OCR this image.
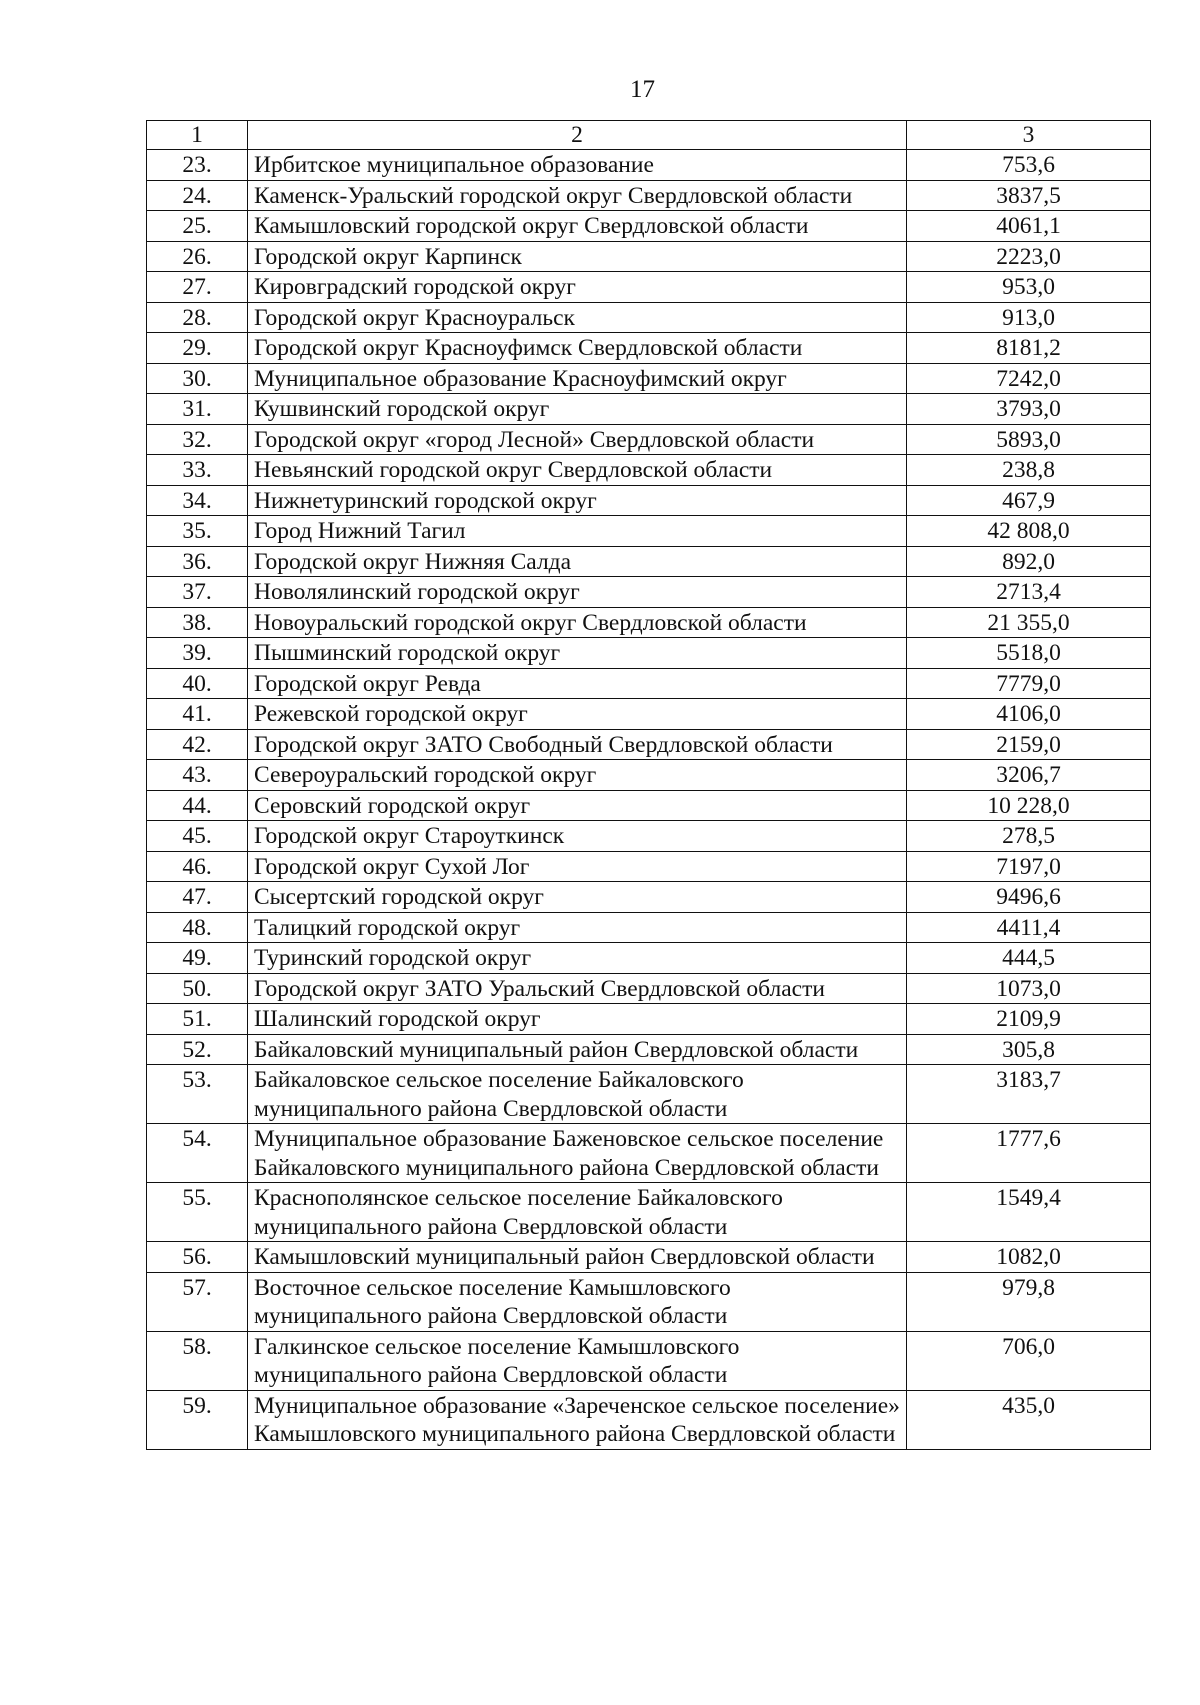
17
1	2	3
23.	Ирбитское муниципальное образование	753,6
24.	Каменск-Уральский городской округ Свердловской области	3837,5
25.	Камышловский городской округ Свердловской области	4061,1
26.	Городской округ Карпинск	2223,0
27.	Кировградский городской округ	953,0
28.	Городской округ Красноуральск	913,0
29.	Городской округ Красноуфимск Свердловской области	8181,2
30.	Муниципальное образование Красноуфимский округ	7242,0
31.	Кушвинский городской округ	3793,0
32.	Городской округ «город Лесной» Свердловской области	5893,0
33.	Невьянский городской округ Свердловской области	238,8
34.	Нижнетуринский городской округ	467,9
35.	Город Нижний Тагил	42 808,0
36.	Городской округ Нижняя Салда	892,0
37.	Новолялинский городской округ	2713,4
38.	Новоуральский городской округ Свердловской области	21 355,0
39.	Пышминский городской округ	5518,0
40.	Городской округ Ревда	7779,0
41.	Режевской городской округ	4106,0
42.	Городской округ ЗАТО Свободный Свердловской области	2159,0
43.	Североуральский городской округ	3206,7
44.	Серовский городской округ	10 228,0
45.	Городской округ Староуткинск	278,5
46.	Городской округ Сухой Лог	7197,0
47.	Сысертский городской округ	9496,6
48.	Талицкий городской округ	4411,4
49.	Туринский городской округ	444,5
50.	Городской округ ЗАТО Уральский Свердловской области	1073,0
51.	Шалинский городской округ	2109,9
52.	Байкаловский муниципальный район Свердловской области	305,8
53.	Байкаловское сельское поселение Байкаловского муниципального района Свердловской области	3183,7
54.	Муниципальное образование Баженовское сельское поселение Байкаловского муниципального района Свердловской области	1777,6
55.	Краснополянское сельское поселение Байкаловского муниципального района Свердловской области	1549,4
56.	Камышловский муниципальный район Свердловской области	1082,0
57.	Восточное сельское поселение Камышловского муниципального района Свердловской области	979,8
58.	Галкинское сельское поселение Камышловского муниципального района Свердловской области	706,0
59.	Муниципальное образование «Зареченское сельское поселение» Камышловского муниципального района Свердловской области	435,0
